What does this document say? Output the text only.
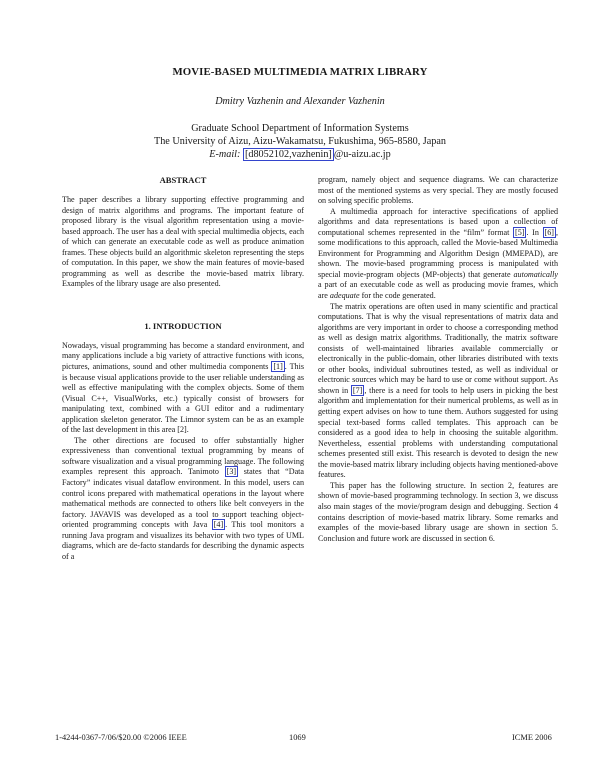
MOVIE-BASED MULTIMEDIA MATRIX LIBRARY
Dmitry Vazhenin and Alexander Vazhenin
Graduate School Department of Information Systems
The University of Aizu, Aizu-Wakamatsu, Fukushima, 965-8580, Japan
E-mail: [d8052102,vazhenin] @u-aizu.ac.jp
ABSTRACT

The paper describes a library supporting effective programming and design of matrix algorithms and programs. The important feature of proposed library is the visual algorithm representation using a movie-based approach. The user has a deal with special multimedia objects, each of which can generate an executable code as well as produce animation frames. These objects build an algorithmic skeleton representing the steps of computation. In this paper, we show the main features of movie-based programming as well as describe the movie-based matrix library. Examples of the library usage are also presented.

1. INTRODUCTION

Nowadays, visual programming has become a standard environment, and many applications include a big variety of attractive functions with icons, pictures, animations, sound and other multimedia components [1] . This is because visual applications provide to the user reliable understanding as well as effective manipulating with the complex objects. Some of them (Visual C++, VisualWorks, etc.) typically consist of browsers for manipulating text, combined with a GUI editor and a rudimentary application skeleton generator. The Limnor system can be as an example of the last development in this area [2].

The other directions are focused to offer substantially higher expressiveness than conventional textual programming by means of software visualization and a visual programming language. The following examples represent this approach. Tanimoto [3] states that “Data Factory” indicates visual dataflow environment. In this model, users can control icons prepared with mathematical operations in the layout where mathematical methods are connected to others like belt conveyers in the factory. JAVAVIS was developed as a tool to support teaching object-oriented programming concepts with Java [4] . This tool monitors a running Java program and visualizes its behavior with two types of UML diagrams, which are de-facto standards for describing the dynamic aspects of a

program, namely object and sequence diagrams. We can characterize most of the mentioned systems as very special. They are mostly focused on solving specific problems.

A multimedia approach for interactive specifications of applied algorithms and data representations is based upon a collection of computational schemes represented in the “film” format [5] . In [6] , some modifications to this approach, called the Movie-based Multimedia Environment for Programming and Algorithm Design (MMEPAD), are shown. The movie-based programming process is manipulated with special movie-program objects (MP-objects) that generate automatically a part of an executable code as well as producing movie frames, which are adequate for the code generated.

The matrix operations are often used in many scientific and practical computations. That is why the visual representations of matrix data and algorithms are very important in order to choose a corresponding method as well as design matrix algorithms. Traditionally, the matrix software consists of well-maintained libraries available commercially or electronically in the public-domain, other libraries distributed with texts or other books, individual subroutines tested, as well as individual or electronic sources which may be hard to use or come without support. As shown in [7] , there is a need for tools to help users in picking the best algorithm and implementation for their numerical problems, as well as in getting expert advises on how to tune them. Authors suggested for using special text-based forms called templates. This approach can be considered as a good idea to help in choosing the suitable algorithm. Nevertheless, essential problems with understanding computational schemes presented still exist. This research is devoted to design the new the movie-based matrix library including objects having mentioned-above features.

This paper has the following structure. In section 2, features are shown of movie-based programming technology. In section 3, we discuss also main stages of the movie/program design and debugging. Section 4 contains description of movie-based matrix library. Some remarks and examples of the movie-based library usage are shown in section 5. Conclusion and future work are discussed in section 6.

1-4244-0367-7/06/$20.00 ©2006 IEEE	1069	ICME 2006
